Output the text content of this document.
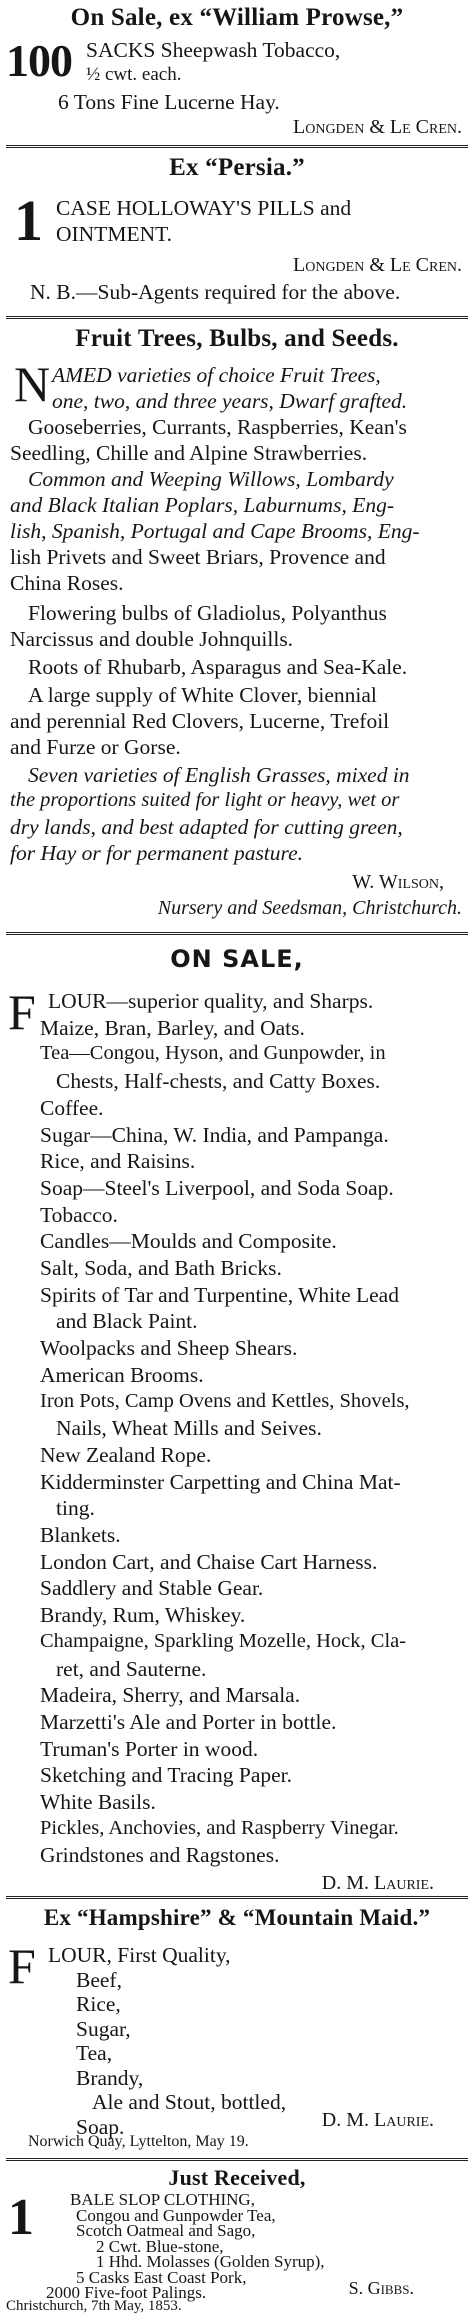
On Sale, ex “William Prowse,”
100 SACKS Sheepwash Tobacco,
½ cwt. each.
6 Tons Fine Lucerne Hay.
Longden & Le Cren.
Ex “Persia.”
1 CASE HOLLOWAY'S PILLS and
OINTMENT.
Longden & Le Cren.
N. B.—Sub-Agents required for the above.
Fruit Trees, Bulbs, and Seeds.
N AMED varieties of choice Fruit Trees,
one, two, and three years, Dwarf grafted.
Gooseberries, Currants, Raspberries, Kean's
Seedling, Chille and Alpine Strawberries.
Common and Weeping Willows, Lombardy
and Black Italian Poplars, Laburnums, Eng-
lish, Spanish, Portugal and Cape Brooms, Eng-
lish Privets and Sweet Briars, Provence and
China Roses.
Flowering bulbs of Gladiolus, Polyanthus
Narcissus and double Johnquills.
Roots of Rhubarb, Asparagus and Sea-Kale.
A large supply of White Clover, biennial
and perennial Red Clovers, Lucerne, Trefoil
and Furze or Gorse.
Seven varieties of English Grasses, mixed in
the proportions suited for light or heavy, wet or
dry lands, and best adapted for cutting green,
for Hay or for permanent pasture.
W. Wilson,
Nursery and Seedsman, Christchurch.
ON SALE,
F LOUR—superior quality, and Sharps.
Maize, Bran, Barley, and Oats.
Tea—Congou, Hyson, and Gunpowder, in
Chests, Half-chests, and Catty Boxes.
Coffee.
Sugar—China, W. India, and Pampanga.
Rice, and Raisins.
Soap—Steel's Liverpool, and Soda Soap.
Tobacco.
Candles—Moulds and Composite.
Salt, Soda, and Bath Bricks.
Spirits of Tar and Turpentine, White Lead
and Black Paint.
Woolpacks and Sheep Shears.
American Brooms.
Iron Pots, Camp Ovens and Kettles, Shovels,
Nails, Wheat Mills and Seives.
New Zealand Rope.
Kidderminster Carpetting and China Mat-
ting.
Blankets.
London Cart, and Chaise Cart Harness.
Saddlery and Stable Gear.
Brandy, Rum, Whiskey.
Champaigne, Sparkling Mozelle, Hock, Cla-
ret, and Sauterne.
Madeira, Sherry, and Marsala.
Marzetti's Ale and Porter in bottle.
Truman's Porter in wood.
Sketching and Tracing Paper.
White Basils.
Pickles, Anchovies, and Raspberry Vinegar.
Grindstones and Ragstones.
D. M. Laurie.
Ex “Hampshire” & “Mountain Maid.”
F LOUR, First Quality,
Beef,
Rice,
Sugar,
Tea,
Brandy,
Ale and Stout, bottled,
Soap.	D. M. Laurie.
Norwich Quay, Lyttelton, May 19.
Just Received,
1 BALE SLOP CLOTHING,
Congou and Gunpowder Tea,
Scotch Oatmeal and Sago,
2 Cwt. Blue-stone,
1 Hhd. Molasses (Golden Syrup),
5 Casks East Coast Pork,
2000 Five-foot Palings.	S. Gibbs.
Christchurch, 7th May, 1853.
